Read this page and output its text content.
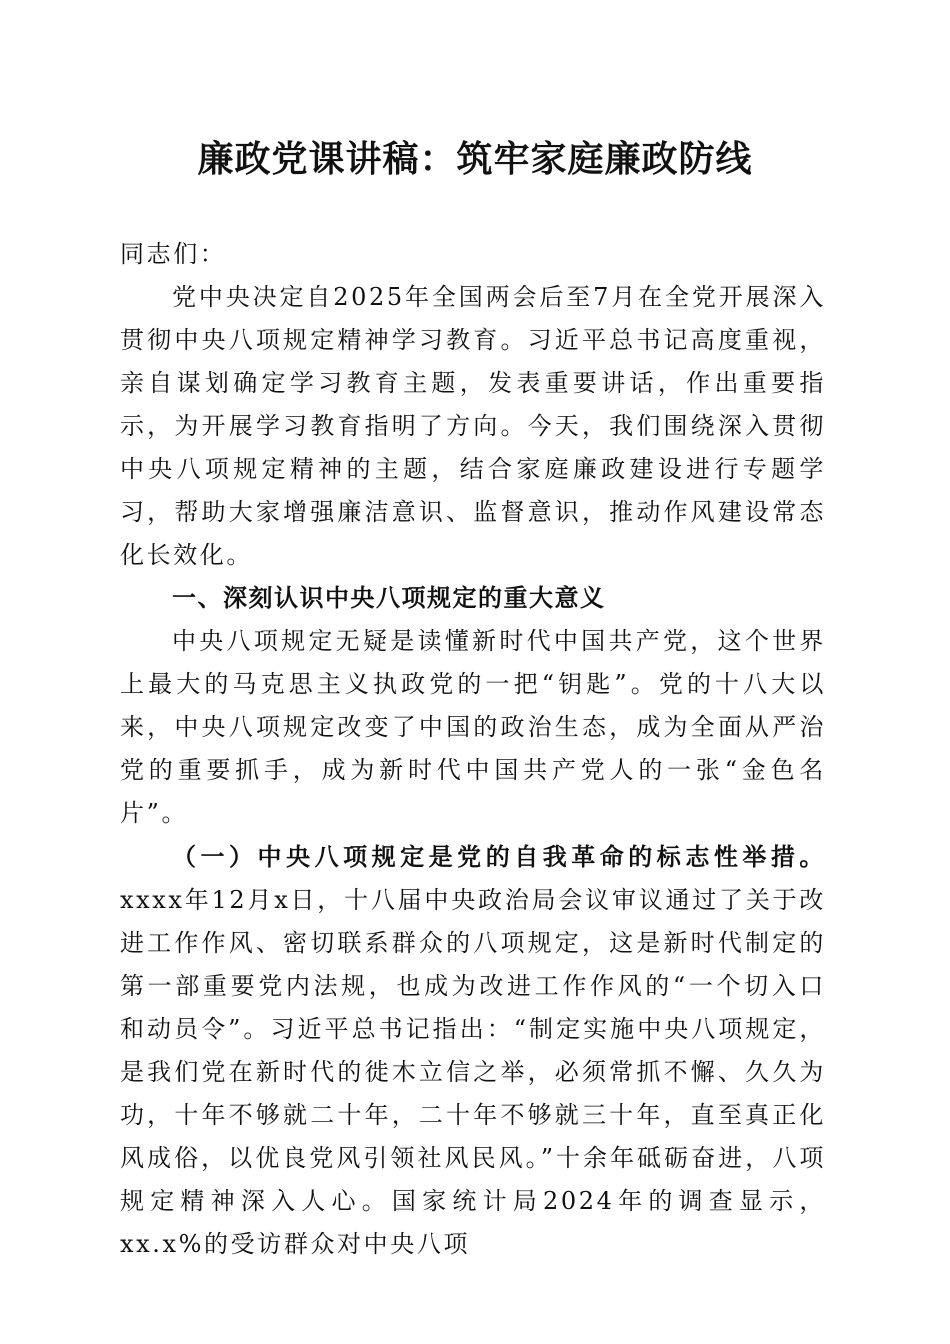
廉政党课讲稿：筑牢家庭廉政防线

同志们：

党中央决定自2025年全国两会后至7月在全党开展深入贯彻中央八项规定精神学习教育。习近平总书记高度重视，亲自谋划确定学习教育主题，发表重要讲话，作出重要指示，为开展学习教育指明了方向。今天，我们围绕深入贯彻中央八项规定精神的主题，结合家庭廉政建设进行专题学习，帮助大家增强廉洁意识、监督意识，推动作风建设常态化长效化。

一、深刻认识中央八项规定的重大意义

中央八项规定无疑是读懂新时代中国共产党，这个世界上最大的马克思主义执政党的一把“钥匙”。党的十八大以来，中央八项规定改变了中国的政治生态，成为全面从严治党的重要抓手，成为新时代中国共产党人的一张“金色名片”。

（一）中央八项规定是党的自我革命的标志性举措。xxxx年12月x日，十八届中央政治局会议审议通过了关于改进工作作风、密切联系群众的八项规定，这是新时代制定的第一部重要党内法规，也成为改进工作作风的“一个切入口和动员令”。习近平总书记指出：“制定实施中央八项规定，是我们党在新时代的徙木立信之举，必须常抓不懈、久久为功，十年不够就二十年，二十年不够就三十年，直至真正化风成俗，以优良党风引领社风民风。”十余年砥砺奋进，八项规定精神深入人心。国家统计局2024年的调查显示，xx.x%的受访群众对中央八项
